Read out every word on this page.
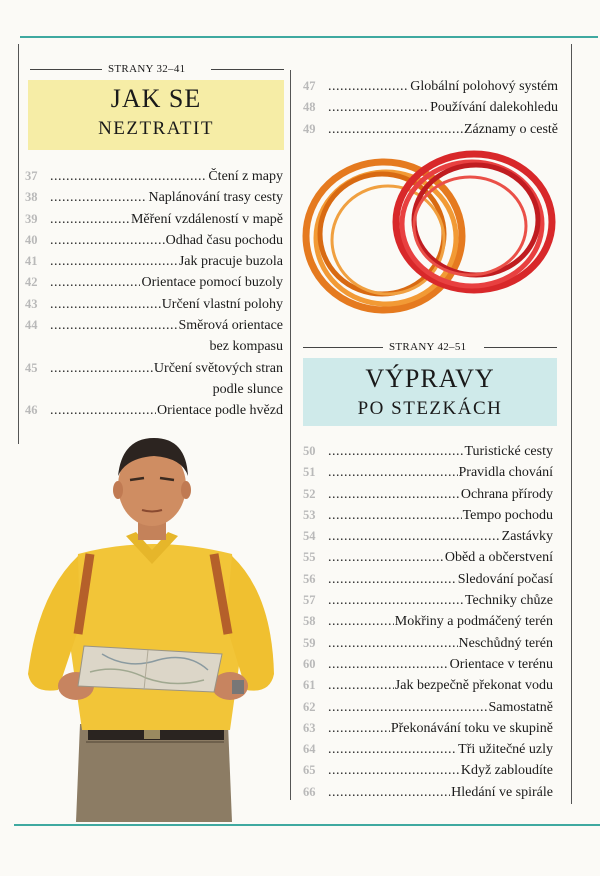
STRANY 32–41
JAK SE
NEZTRATIT
37 .....	Čtení z mapy
38 .....	Naplánování trasy cesty
39 .....	Měření vzdáleností v mapě
40 .....	Odhad času pochodu
41 .....	Jak pracuje buzola
42 .....	Orientace pomocí buzoly
43 .....	Určení vlastní polohy
44 .....	Směrová orientace
bez kompasu
45 .....	Určení světových stran
podle slunce
46 .....	Orientace podle hvězd
47 .....	Globální polohový systém
48 .....	Používání dalekohledu
49 .....	Záznamy o cestě
STRANY 42–51
VÝPRAVY
PO STEZKÁCH
50 .....	Turistické cesty
51 .....	Pravidla chování
52 .....	Ochrana přírody
53 .....	Tempo pochodu
54 .....	Zastávky
55 .....	Oběd a občerstvení
56 .....	Sledování počasí
57 .....	Techniky chůze
58 .....	Mokřiny a podmáčený terén
59 .....	Neschůdný terén
60 .....	Orientace v terénu
61 .....	Jak bezpečně překonat vodu
62 .....	Samostatně
63 .....	Překonávání toku ve skupině
64 .....	Tři užitečné uzly
65 .....	Když zabloudíte
66 .....	Hledání ve spirále
